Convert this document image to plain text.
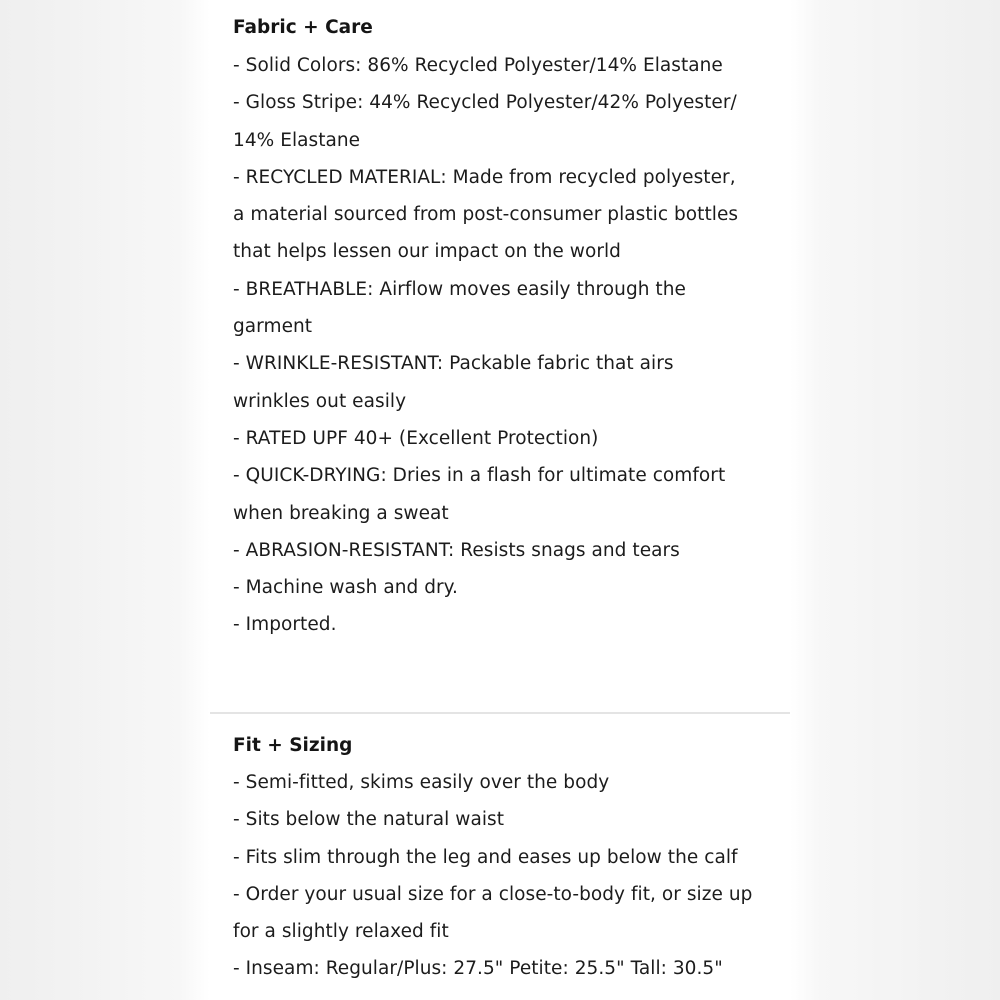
Fabric + Care
- Solid Colors: 86% Recycled Polyester/14% Elastane
- Gloss Stripe: 44% Recycled Polyester/42% Polyester/
14% Elastane
- RECYCLED MATERIAL: Made from recycled polyester,
a material sourced from post-consumer plastic bottles
that helps lessen our impact on the world
- BREATHABLE: Airflow moves easily through the
garment
- WRINKLE-RESISTANT: Packable fabric that airs
wrinkles out easily
- RATED UPF 40+ (Excellent Protection)
- QUICK-DRYING: Dries in a flash for ultimate comfort
when breaking a sweat
- ABRASION-RESISTANT: Resists snags and tears
- Machine wash and dry.
- Imported.
Fit + Sizing
- Semi-fitted, skims easily over the body
- Sits below the natural waist
- Fits slim through the leg and eases up below the calf
- Order your usual size for a close-to-body fit, or size up
for a slightly relaxed fit
- Inseam: Regular/Plus: 27.5" Petite: 25.5" Tall: 30.5"
